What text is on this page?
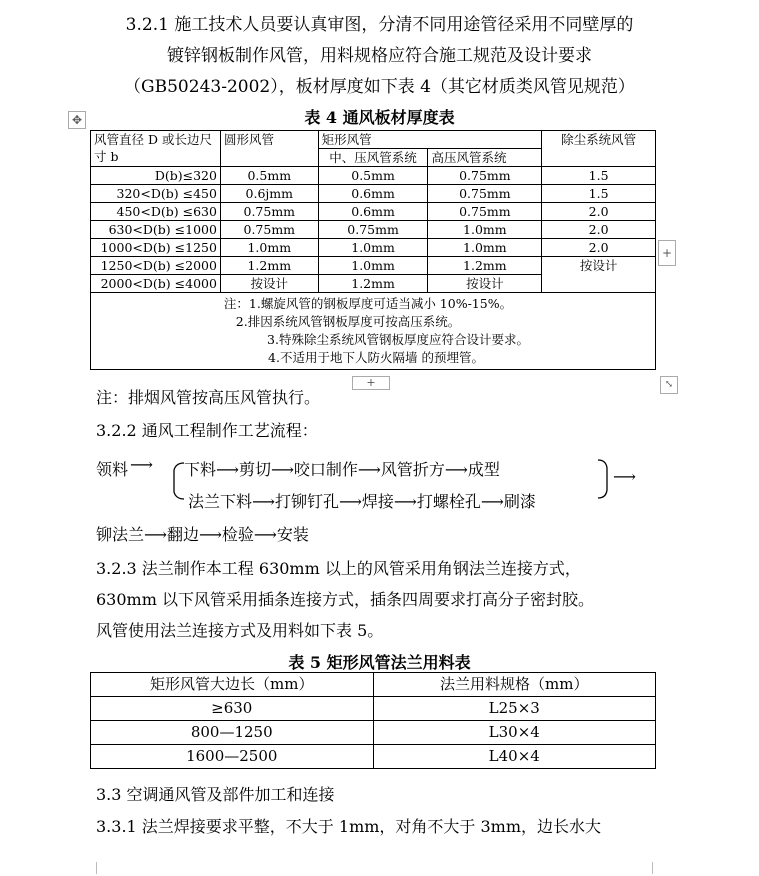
3.2.1 施工技术人员要认真审图，分清不同用途管径采用不同壁厚的
镀锌钢板制作风管，用料规格应符合施工规范及设计要求
（GB50243-2002），板材厚度如下表 4（其它材质类风管见规范）
表 4 通风板材厚度表
✥
风管直径 D 或长边尺寸 b	圆形风管	矩形风管		除尘系统风管
		中、压风管系统	高压风管系统	
D(b)≤320	0.5mm	0.5mm	0.75mm	1.5
320<D(b) ≤450	0.6jmm	0.6mm	0.75mm	1.5
450<D(b) ≤630	0.75mm	0.6mm	0.75mm	2.0
630<D(b) ≤1000	0.75mm	0.75mm	1.0mm	2.0
1000<D(b) ≤1250	1.0mm	1.0mm	1.0mm	2.0
1250<D(b) ≤2000	1.2mm	1.0mm	1.2mm	按设计
2000<D(b) ≤4000	按设计	1.2mm	按设计	

注：1.螺旋风管的钢板厚度可适当减小 10%-15%。
2.排因系统风管钢板厚度可按高压系统。
3.特殊除尘系统风管钢板厚度应符合设计要求。
4.不适用于地下人防火隔墙 的预埋管。				
+
+	⤡
注：排烟风管按高压风管执行。
3.2.2 通风工程制作工艺流程：
领料 ⟶ 下料⟶剪切⟶咬口制作⟶风管折方⟶成型
法兰下料⟶打铆钉孔⟶焊接⟶打螺栓孔⟶刷漆
⟶
铆法兰⟶翻边⟶检验⟶安装
3.2.3 法兰制作本工程 630mm 以上的风管采用角钢法兰连接方式，
630mm 以下风管采用插条连接方式，插条四周要求打高分子密封胶。
风管使用法兰连接方式及用料如下表 5。
表 5 矩形风管法兰用料表
矩形风管大边长（mm）	法兰用料规格（mm）
≥630	L25×3
800—1250	L30×4
1600—2500	L40×4
3.3 空调通风管及部件加工和连接
3.3.1 法兰焊接要求平整，不大于 1mm，对角不大于 3mm，边长水大
